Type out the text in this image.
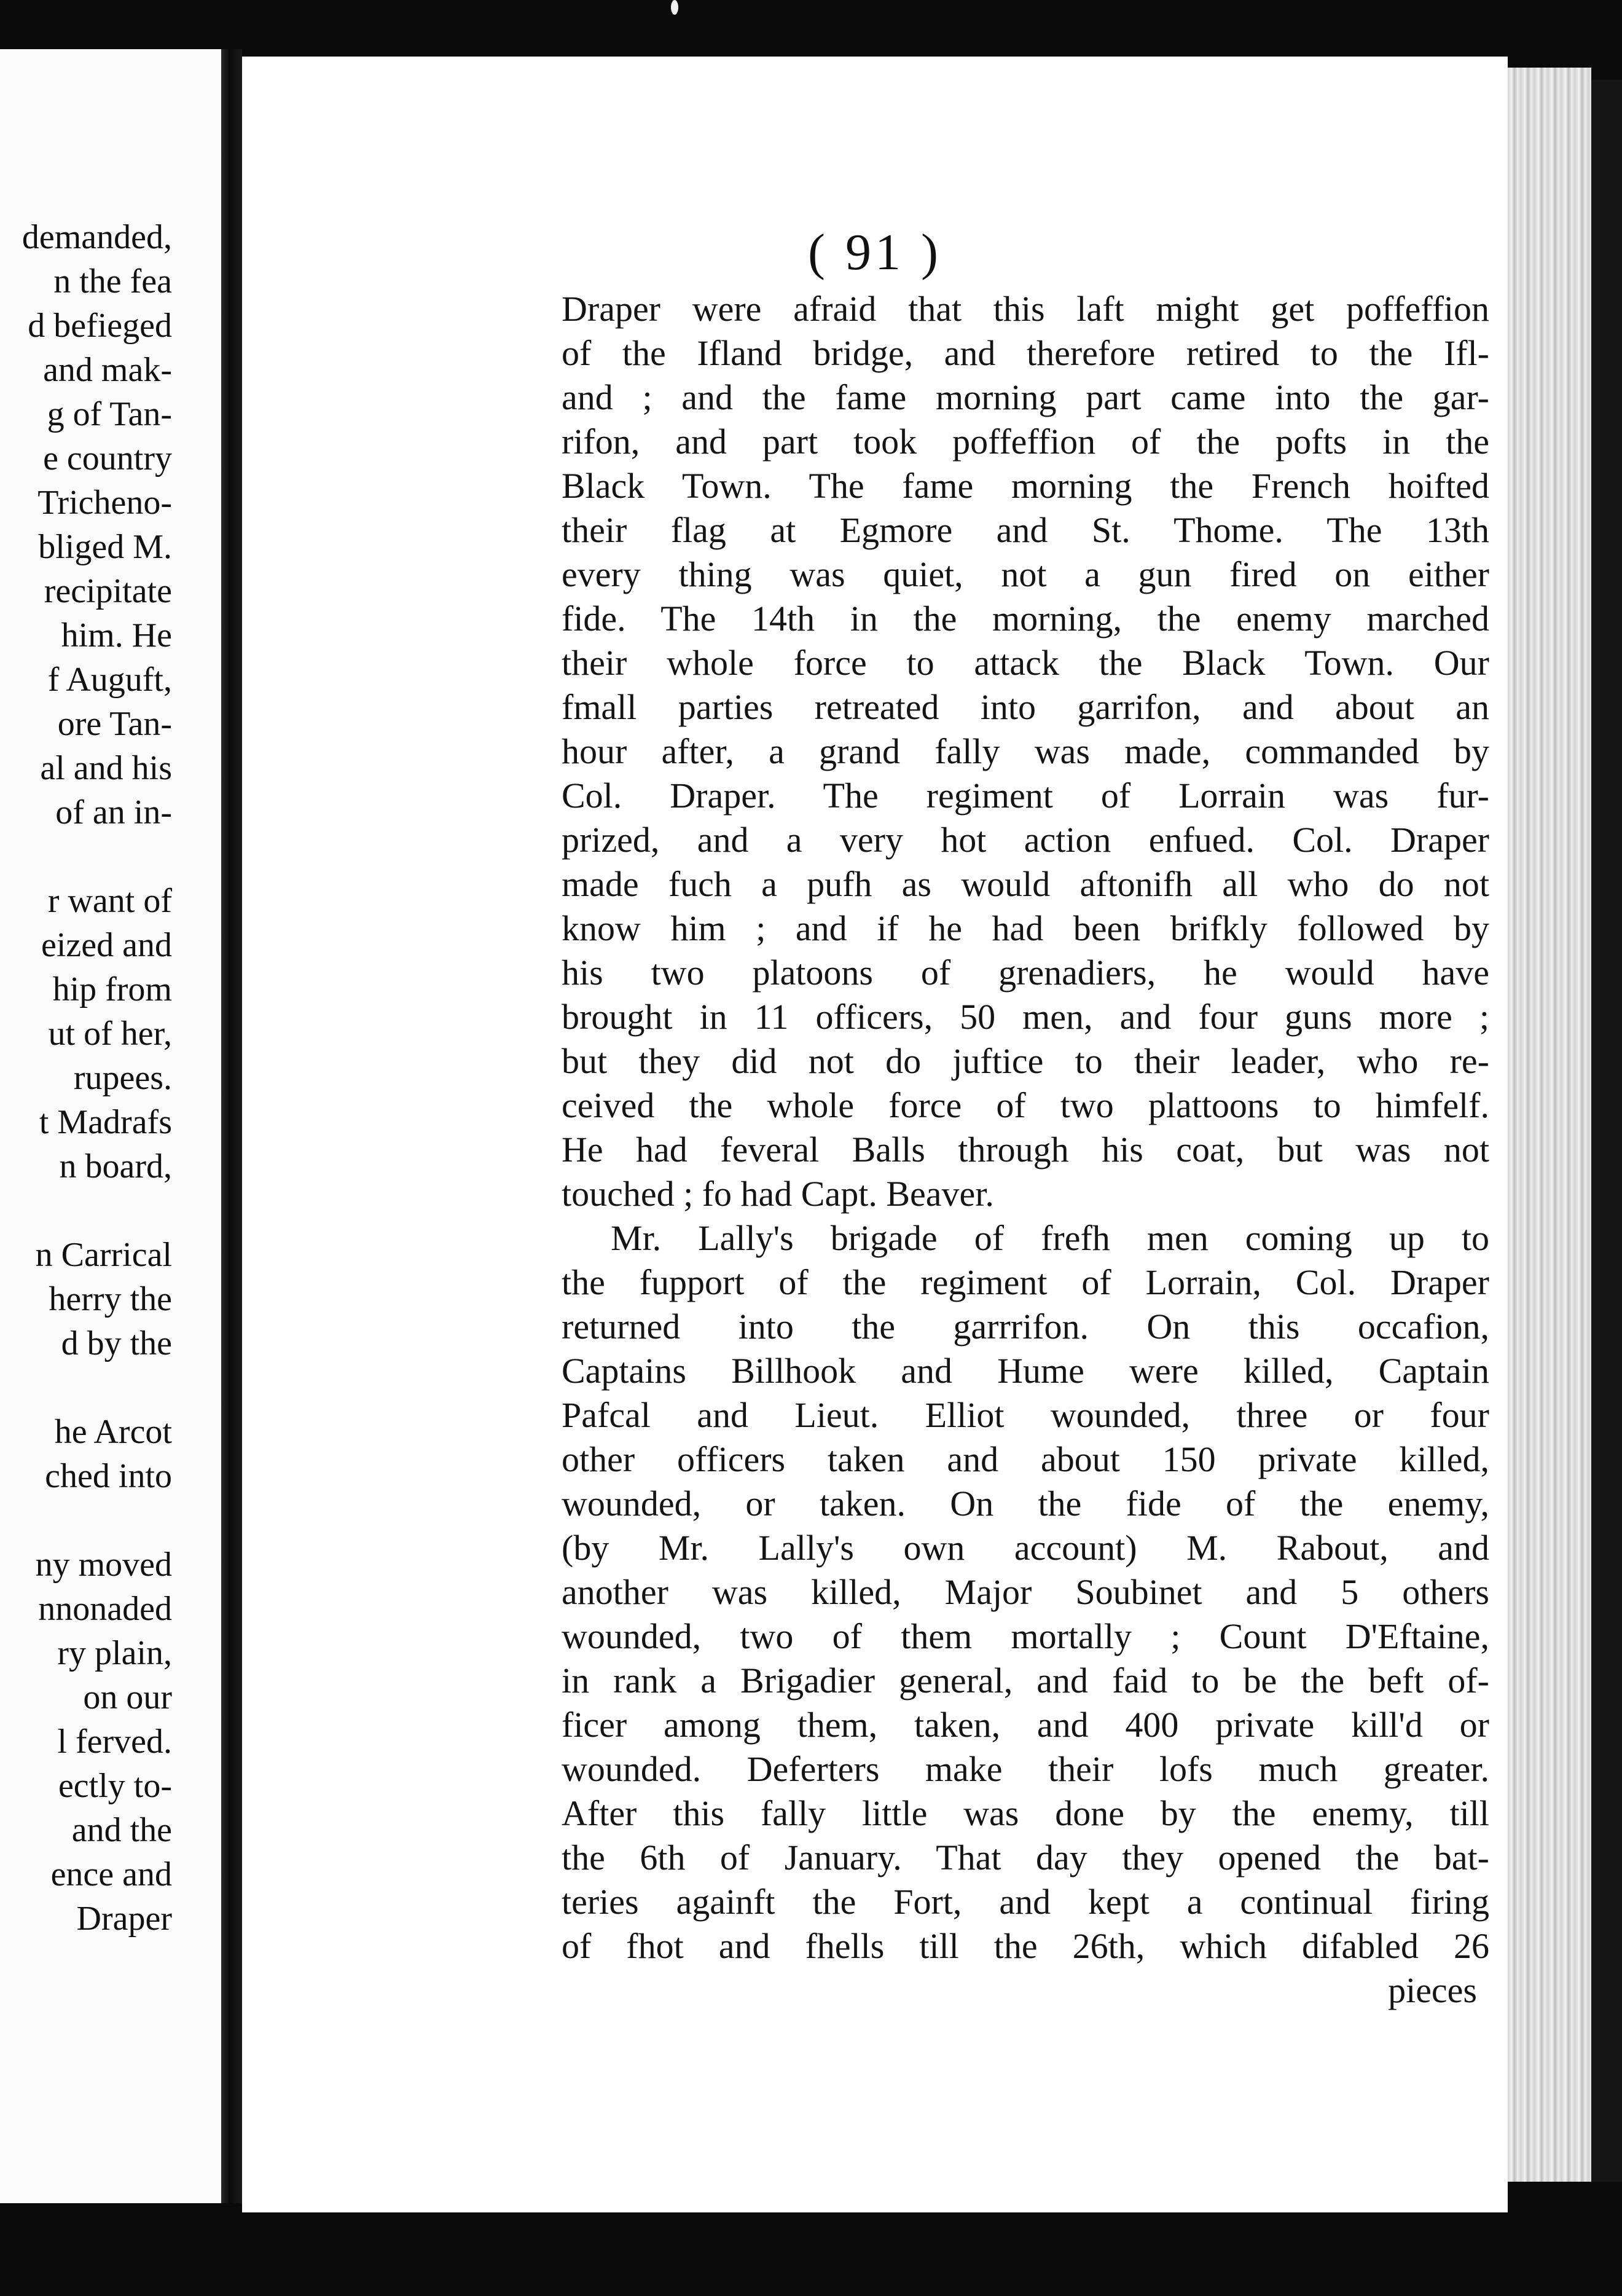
demanded,
n the fea
d befieged
and mak-
g of Tan-
e country
Tricheno-
bliged M.
recipitate
him. He
f Auguft,
ore Tan-
al and his
of an in-
r want of
eized and
hip from
ut of her,
rupees.
t Madrafs
n board,
n Carrical
herry the
d by the
he Arcot
ched into
ny moved
nnonaded
ry plain,
on our
l ferved.
ectly to-
and the
ence and
Draper
( 91 )
Draper were afraid that this laft might get poffeffion
of the Ifland bridge, and therefore retired to the Ifl-
and ; and the fame morning part came into the gar-
rifon, and part took poffeffion of the pofts in the
Black Town. The fame morning the French hoifted
their flag at Egmore and St. Thome. The 13th
every thing was quiet, not a gun fired on either
fide. The 14th in the morning, the enemy marched
their whole force to attack the Black Town. Our
fmall parties retreated into garrifon, and about an
hour after, a grand fally was made, commanded by
Col. Draper. The regiment of Lorrain was fur-
prized, and a very hot action enfued. Col. Draper
made fuch a pufh as would aftonifh all who do not
know him ; and if he had been brifkly followed by
his two platoons of grenadiers, he would have
brought in 11 officers, 50 men, and four guns more ;
but they did not do juftice to their leader, who re-
ceived the whole force of two plattoons to himfelf.
He had feveral Balls through his coat, but was not
touched ; fo had Capt. Beaver.
Mr. Lally's brigade of frefh men coming up to
the fupport of the regiment of Lorrain, Col. Draper
returned into the garrrifon. On this occafion,
Captains Billhook and Hume were killed, Captain
Pafcal and Lieut. Elliot wounded, three or four
other officers taken and about 150 private killed,
wounded, or taken. On the fide of the enemy,
(by Mr. Lally's own account) M. Rabout, and
another was killed, Major Soubinet and 5 others
wounded, two of them mortally ; Count D'Eftaine,
in rank a Brigadier general, and faid to be the beft of-
ficer among them, taken, and 400 private kill'd or
wounded. Deferters make their lofs much greater.
After this fally little was done by the enemy, till
the 6th of January. That day they opened the bat-
teries againft the Fort, and kept a continual firing
of fhot and fhells till the 26th, which difabled 26
pieces
